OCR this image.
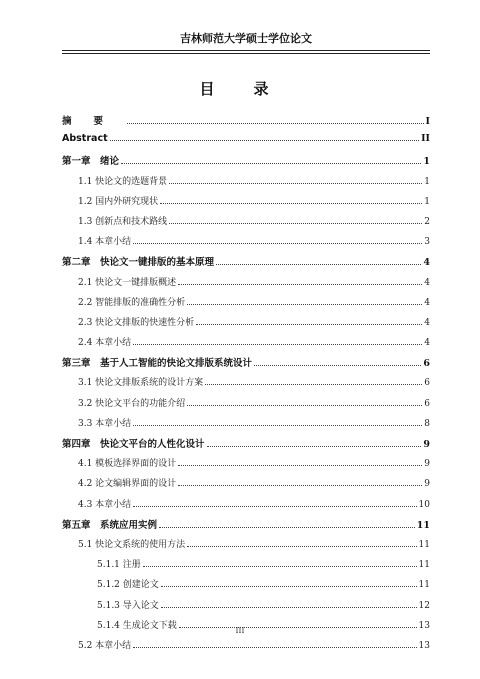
吉林师范大学硕士学位论文
目　录
摘要	I
Abstract	II
第一章　绪论	1
1.1 快论文的选题背景	1
1.2 国内外研究现状	1
1.3 创新点和技术路线	2
1.4 本章小结	3
第二章　快论文一键排版的基本原理	4
2.1 快论文一键排版概述	4
2.2 智能排版的准确性分析	4
2.3 快论文排版的快速性分析	4
2.4 本章小结	4
第三章　基于人工智能的快论文排版系统设计	6
3.1 快论文排版系统的设计方案	6
3.2 快论文平台的功能介绍	6
3.3 本章小结	8
第四章　快论文平台的人性化设计	9
4.1 模板选择界面的设计	9
4.2 论文编辑界面的设计	9
4.3 本章小结	10
第五章　系统应用实例	11
5.1 快论文系统的使用方法	11
5.1.1 注册	11
5.1.2 创建论文	11
5.1.3 导入论文	12
5.1.4 生成论文下载	13
5.2 本章小结	13
III
